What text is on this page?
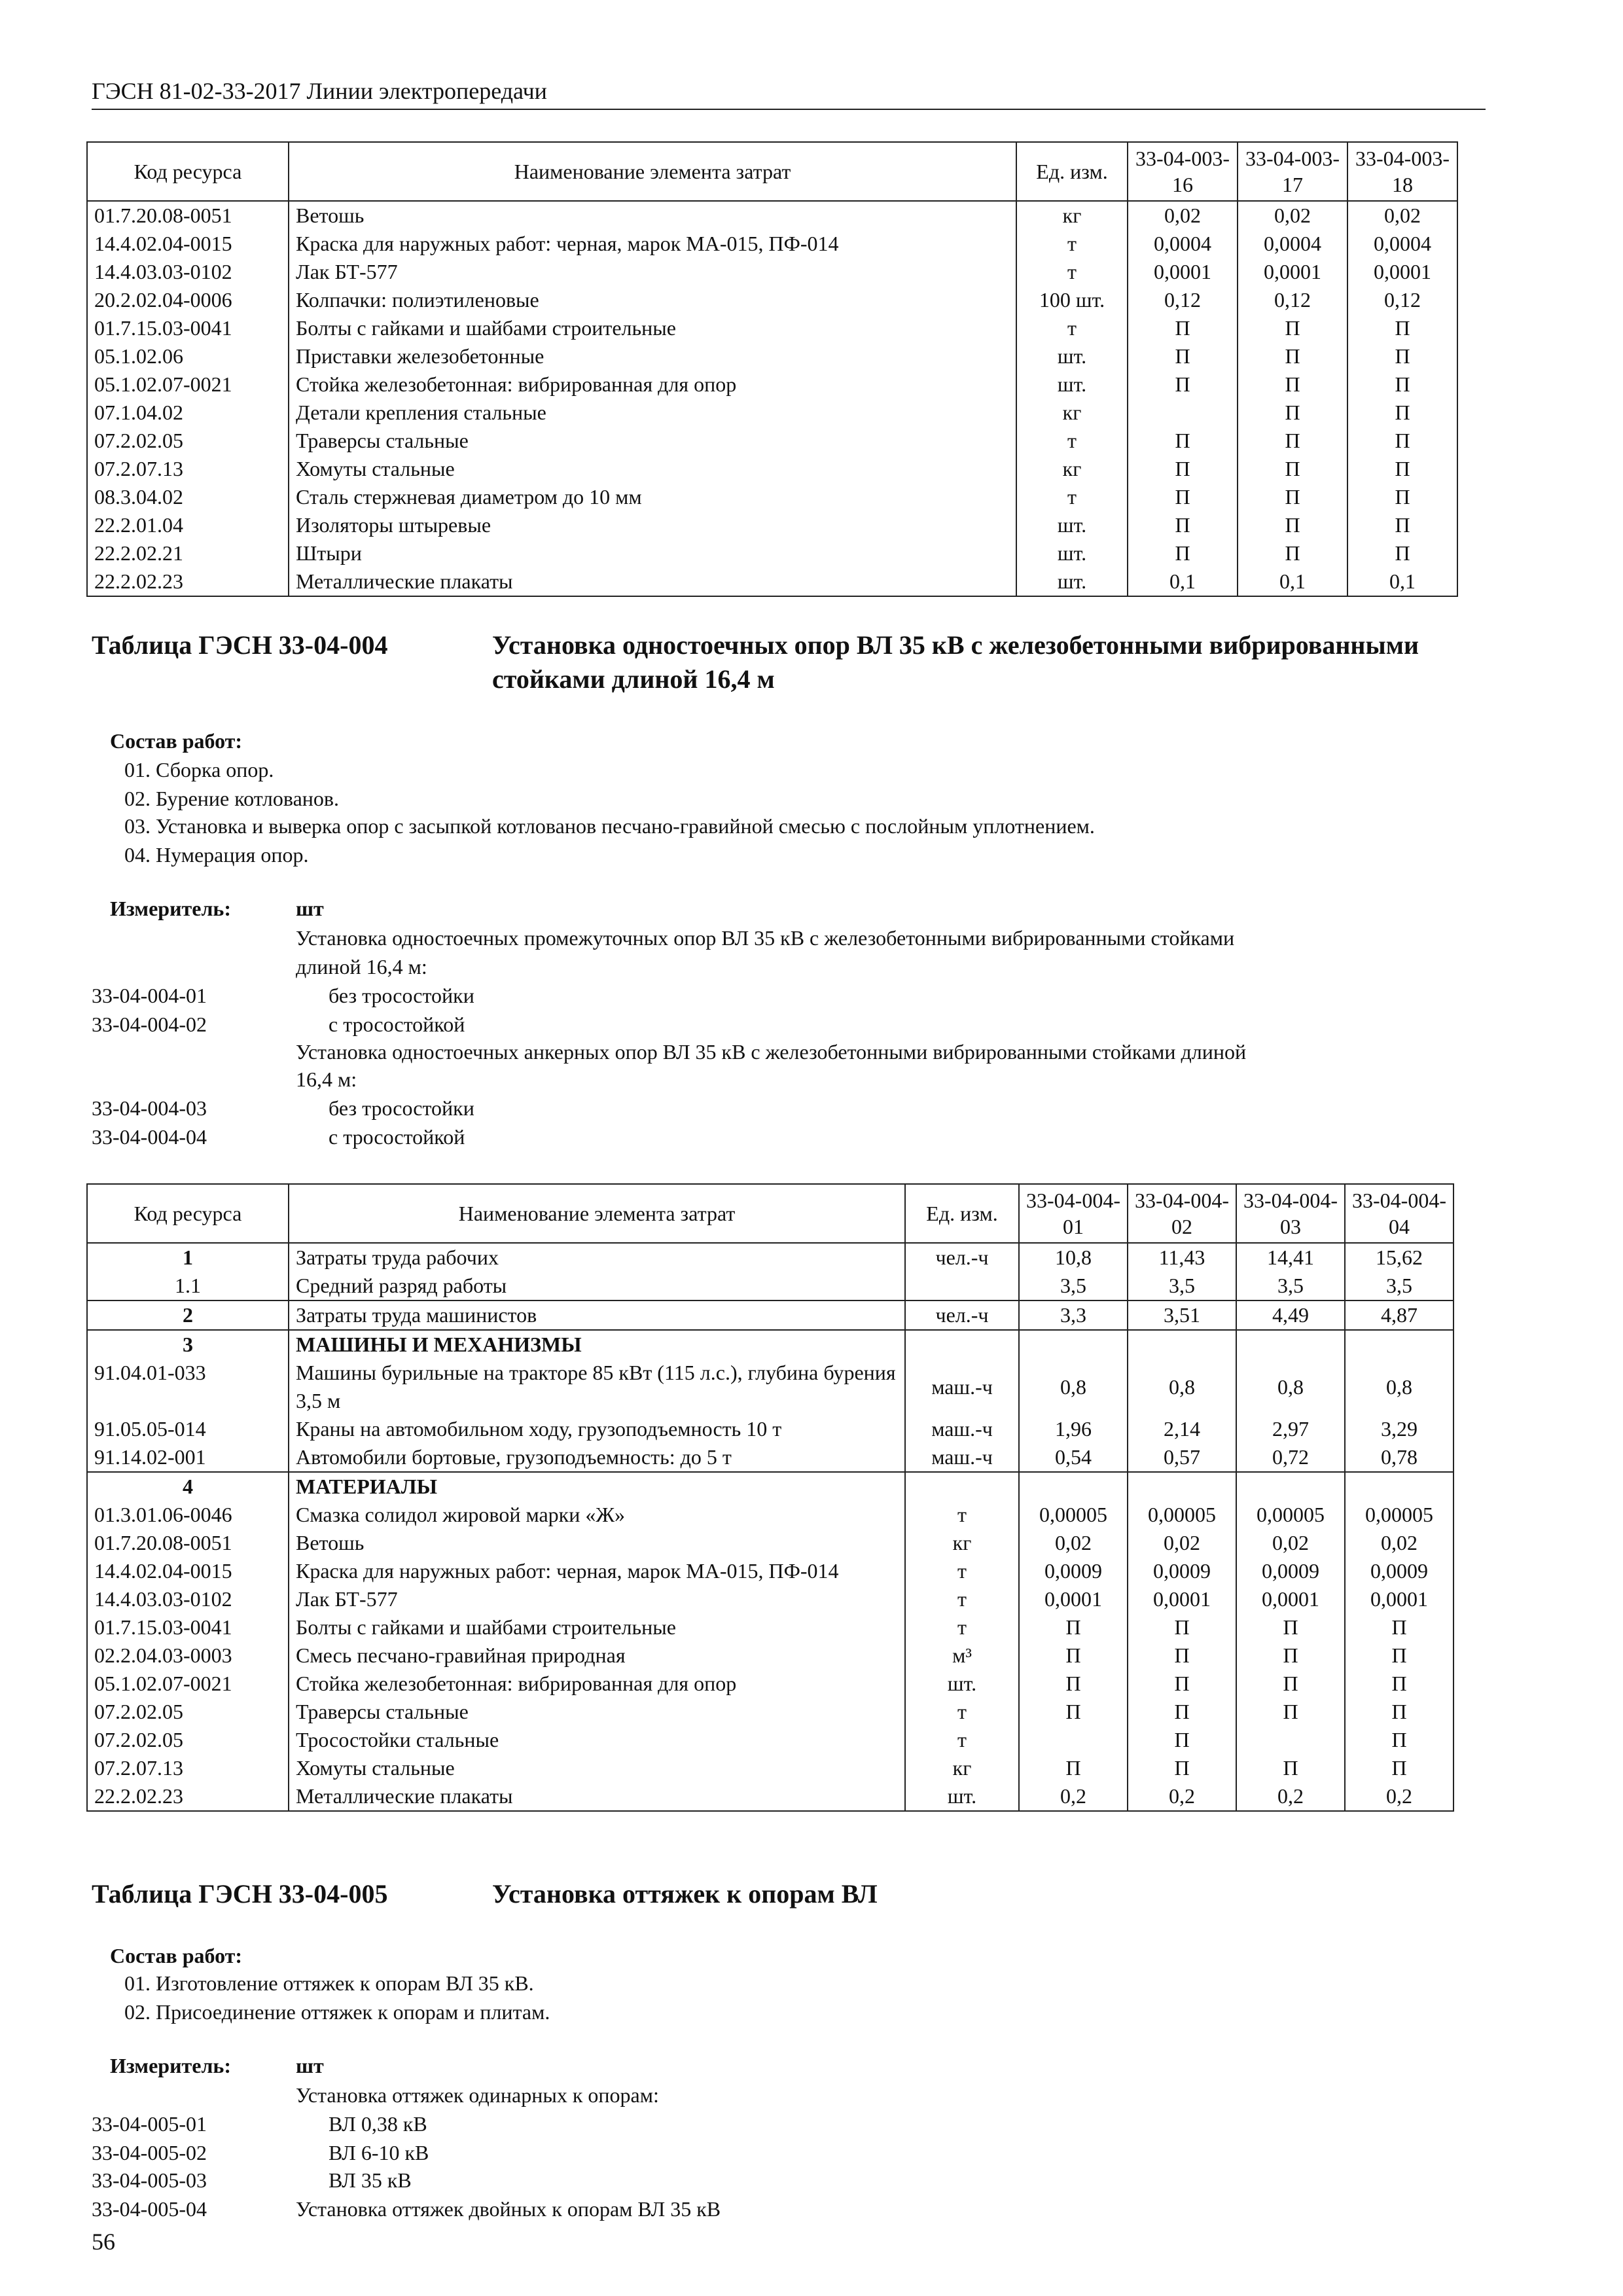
ГЭСН 81-02-33-2017 Линии электропередачи
Код ресурса	Наименование элемента затрат	Ед. изм.	33-04-003-16	33-04-003-17	33-04-003-18
01.7.20.08-0051	Ветошь	кг	0,02	0,02	0,02
14.4.02.04-0015	Краска для наружных работ: черная, марок МА-015, ПФ-014	т	0,0004	0,0004	0,0004
14.4.03.03-0102	Лак БТ-577	т	0,0001	0,0001	0,0001
20.2.02.04-0006	Колпачки: полиэтиленовые	100 шт.	0,12	0,12	0,12
01.7.15.03-0041	Болты с гайками и шайбами строительные	т	П	П	П
05.1.02.06	Приставки железобетонные	шт.	П	П	П
05.1.02.07-0021	Стойка железобетонная: вибрированная для опор	шт.	П	П	П
07.1.04.02	Детали крепления стальные	кг		П	П
07.2.02.05	Траверсы стальные	т	П	П	П
07.2.07.13	Хомуты стальные	кг	П	П	П
08.3.04.02	Сталь стержневая диаметром до 10 мм	т	П	П	П
22.2.01.04	Изоляторы штыревые	шт.	П	П	П
22.2.02.21	Штыри	шт.	П	П	П
22.2.02.23	Металлические плакаты	шт.	0,1	0,1	0,1
Таблица ГЭСН 33-04-004	Установка одностоечных опор ВЛ 35 кВ с железобетонными вибрированными стойками длиной 16,4 м
Состав работ:
01. Сборка опор.
02. Бурение котлованов.
03. Установка и выверка опор с засыпкой котлованов песчано-гравийной смесью с послойным уплотнением.
04. Нумерация опор.
Измеритель:	шт
Установка одностоечных промежуточных опор ВЛ 35 кВ с железобетонными вибрированными стойками
длиной 16,4 м:
33-04-004-01	без тросостойки
33-04-004-02	с тросостойкой
Установка одностоечных анкерных опор ВЛ 35 кВ с железобетонными вибрированными стойками длиной
16,4 м:
33-04-004-03	без тросостойки
33-04-004-04	с тросостойкой
Код ресурса	Наименование элемента затрат	Ед. изм.	33-04-004-01	33-04-004-02	33-04-004-03	33-04-004-04
1	Затраты труда рабочих	чел.-ч	10,8	11,43	14,41	15,62
1.1	Средний разряд работы		3,5	3,5	3,5	3,5
2	Затраты труда машинистов	чел.-ч	3,3	3,51	4,49	4,87
3	МАШИНЫ И МЕХАНИЗМЫ					
91.04.01-033	Машины бурильные на тракторе 85 кВт (115 л.с.), глубина бурения 3,5 м	маш.-ч	0,8	0,8	0,8	0,8
91.05.05-014	Краны на автомобильном ходу, грузоподъемность 10 т	маш.-ч	1,96	2,14	2,97	3,29
91.14.02-001	Автомобили бортовые, грузоподъемность: до 5 т	маш.-ч	0,54	0,57	0,72	0,78
4	МАТЕРИАЛЫ					
01.3.01.06-0046	Смазка солидол жировой марки «Ж»	т	0,00005	0,00005	0,00005	0,00005
01.7.20.08-0051	Ветошь	кг	0,02	0,02	0,02	0,02
14.4.02.04-0015	Краска для наружных работ: черная, марок МА-015, ПФ-014	т	0,0009	0,0009	0,0009	0,0009
14.4.03.03-0102	Лак БТ-577	т	0,0001	0,0001	0,0001	0,0001
01.7.15.03-0041	Болты с гайками и шайбами строительные	т	П	П	П	П
02.2.04.03-0003	Смесь песчано-гравийная природная	м³	П	П	П	П
05.1.02.07-0021	Стойка железобетонная: вибрированная для опор	шт.	П	П	П	П
07.2.02.05	Траверсы стальные	т	П	П	П	П
07.2.02.05	Тросостойки стальные	т		П		П
07.2.07.13	Хомуты стальные	кг	П	П	П	П
22.2.02.23	Металлические плакаты	шт.	0,2	0,2	0,2	0,2
Таблица ГЭСН 33-04-005	Установка оттяжек к опорам ВЛ
Состав работ:
01. Изготовление оттяжек к опорам ВЛ 35 кВ.
02. Присоединение оттяжек к опорам и плитам.
Измеритель:	шт
Установка оттяжек одинарных к опорам:
33-04-005-01	ВЛ 0,38 кВ
33-04-005-02	ВЛ 6-10 кВ
33-04-005-03	ВЛ 35 кВ
33-04-005-04	Установка оттяжек двойных к опорам ВЛ 35 кВ
56
